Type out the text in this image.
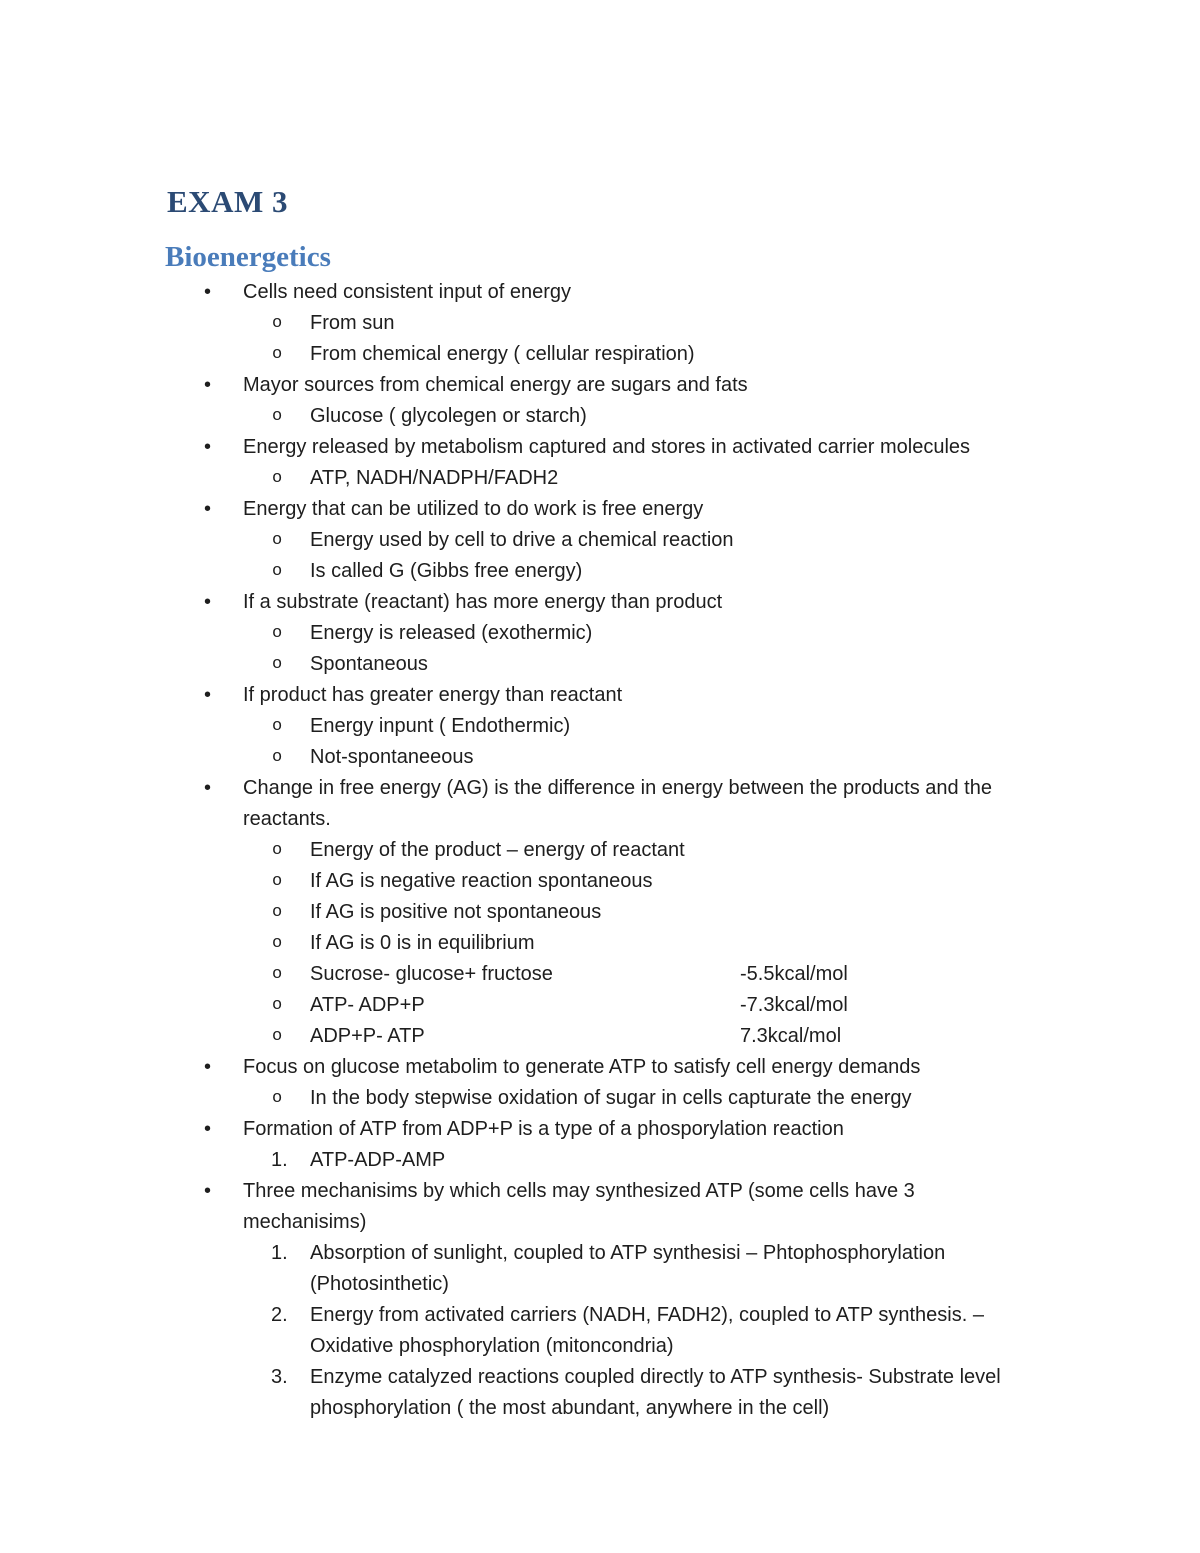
EXAM 3
Bioenergetics
• Cells need consistent input of energy
o From sun
o From chemical energy ( cellular respiration)
• Mayor sources from chemical energy are sugars and fats
o Glucose ( glycolegen or starch)
• Energy released by metabolism captured and stores in activated carrier molecules
o ATP, NADH/NADPH/FADH2
• Energy that can be utilized to do work is free energy
o Energy used by cell to drive a chemical reaction
o Is called G (Gibbs free energy)
• If a substrate (reactant) has more energy than product
o Energy is released (exothermic)
o Spontaneous
• If product has greater energy than reactant
o Energy inpunt ( Endothermic)
o Not-spontaneeous
• Change in free energy (AG) is the difference in energy between the products and the reactants.
o Energy of the product – energy of reactant
o If AG is negative reaction spontaneous
o If AG is positive not spontaneous
o If AG is 0 is in equilibrium
o Sucrose- glucose+ fructose	-5.5kcal/mol
o ATP- ADP+P	-7.3kcal/mol
o ADP+P- ATP	7.3kcal/mol
• Focus on glucose metabolim to generate ATP to satisfy cell energy demands
o In the body stepwise oxidation of sugar in cells capturate the energy
• Formation of ATP from ADP+P is a type of a phosporylation reaction
1. ATP-ADP-AMP
• Three mechanisims by which cells may synthesized ATP (some cells have 3 mechanisims)
1. Absorption of sunlight, coupled to ATP synthesisi – Phtophosphorylation (Photosinthetic)
2. Energy from activated carriers (NADH, FADH2), coupled to ATP synthesis. – Oxidative phosphorylation (mitoncondria)
3. Enzyme catalyzed reactions coupled directly to ATP synthesis- Substrate level phosphorylation ( the most abundant, anywhere in the cell)
